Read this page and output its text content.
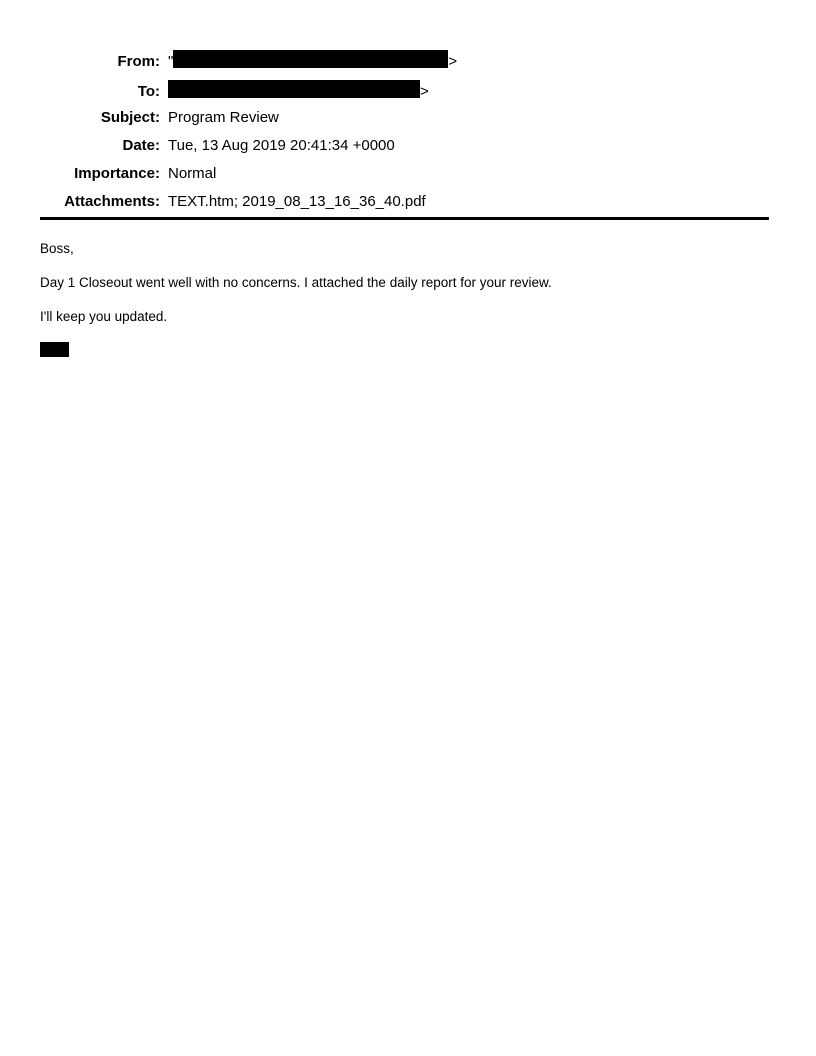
From: "	>
To:	>
Subject: Program Review
Date: Tue, 13 Aug 2019 20:41:34 +0000
Importance: Normal
Attachments: TEXT.htm; 2019_08_13_16_36_40.pdf

Boss,

Day 1 Closeout went well with no concerns. I attached the daily report for your review.

I'll keep you updated.
